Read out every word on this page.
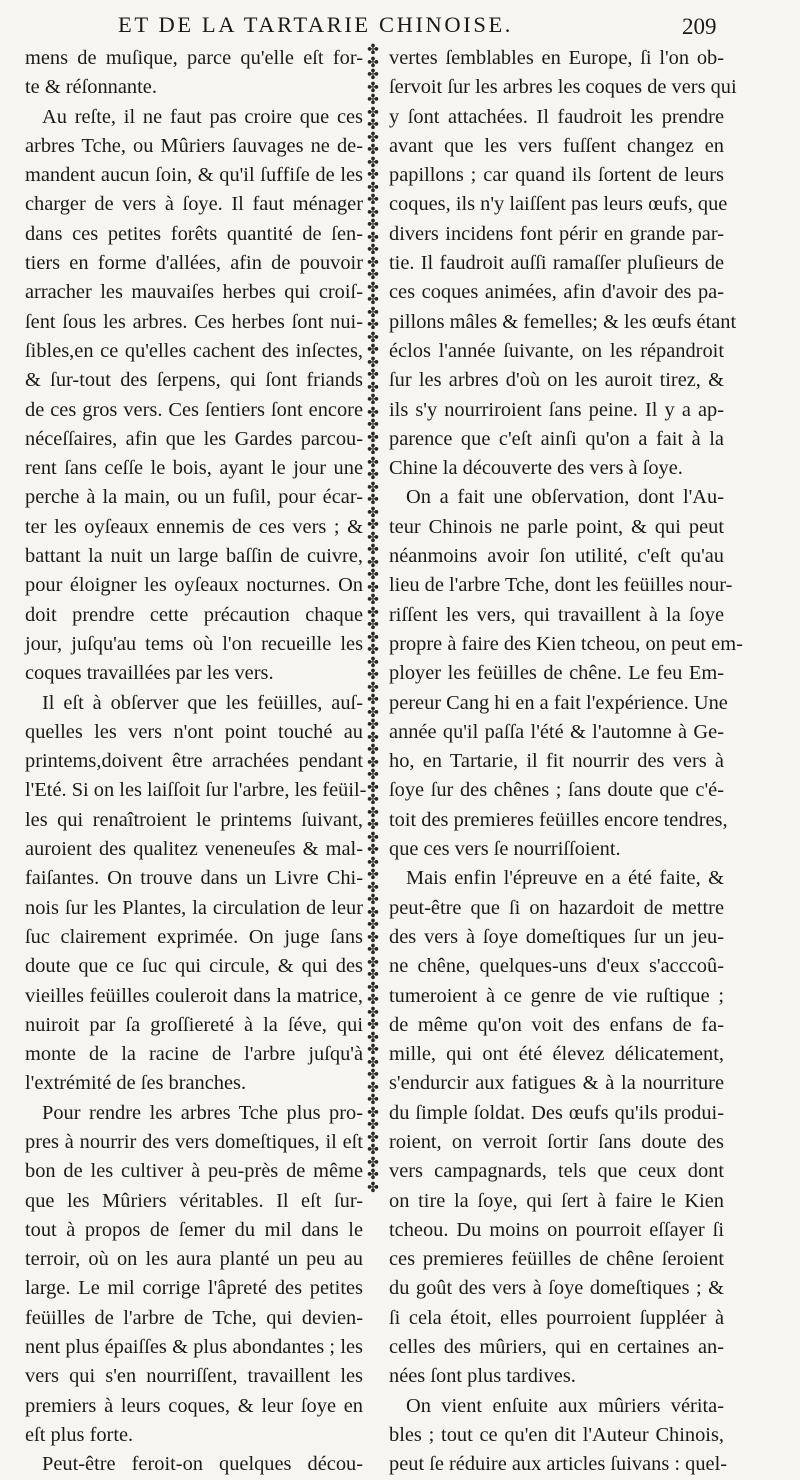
ET DE LA TARTARIE CHINOISE.	209
mens de muſique, parce qu'elle eſt for-
te & réſonnante.
Au reſte, il ne faut pas croire que ces
arbres Tche, ou Mûriers ſauvages ne de-
mandent aucun ſoin, & qu'il ſuffiſe de les
charger de vers à ſoye. Il faut ménager
dans ces petites forêts quantité de ſen-
tiers en forme d'allées, afin de pouvoir
arracher les mauvaiſes herbes qui croiſ-
ſent ſous les arbres. Ces herbes ſont nui-
ſibles,en ce qu'elles cachent des inſectes,
& ſur-tout des ſerpens, qui ſont friands
de ces gros vers. Ces ſentiers ſont encore
néceſſaires, afin que les Gardes parcou-
rent ſans ceſſe le bois, ayant le jour une
perche à la main, ou un fuſil, pour écar-
ter les oyſeaux ennemis de ces vers ; &
battant la nuit un large baſſin de cuivre,
pour éloigner les oyſeaux nocturnes. On
doit prendre cette précaution chaque
jour, juſqu'au tems où l'on recueille les
coques travaillées par les vers.
Il eſt à obſerver que les feüilles, auſ-
quelles les vers n'ont point touché au
printems,doivent être arrachées pendant
l'Eté. Si on les laiſſoit ſur l'arbre, les feüil-
les qui renaîtroient le printems ſuivant,
auroient des qualitez veneneuſes & mal-
faiſantes. On trouve dans un Livre Chi-
nois ſur les Plantes, la circulation de leur
ſuc clairement exprimée. On juge ſans
doute que ce ſuc qui circule, & qui des
vieilles feüilles couleroit dans la matrice,
nuiroit par ſa groſſiereté à la ſéve, qui
monte de la racine de l'arbre juſqu'à
l'extrémité de ſes branches.
Pour rendre les arbres Tche plus pro-
pres à nourrir des vers domeſtiques, il eſt
bon de les cultiver à peu-près de même
que les Mûriers véritables. Il eſt ſur-
tout à propos de ſemer du mil dans le
terroir, où on les aura planté un peu au
large. Le mil corrige l'âpreté des petites
feüilles de l'arbre de Tche, qui devien-
nent plus épaiſſes & plus abondantes ; les
vers qui s'en nourriſſent, travaillent les
premiers à leurs coques, & leur ſoye en
eſt plus forte.
Peut-être feroit-on quelques décou-
✤
✤
✤
✤
✤
✤
✤
✤
✤
✤
✤
✤
✤
✤
✤
✤
✤
✤
✤
✤
✤
✤
✤
✤
✤
✤
✤
✤
✤
✤
✤
✤
✤
✤
✤
✤
✤
✤
✤
✤
✤
✤
✤
✤
✤
✤
✤
✤
✤
✤
✤
✤
✤
✤
✤
✤
✤
✤
✤
✤
✤
✤
✤
✤
✤
✤
✤
✤
✤
✤
✤
✤
✤
✤
✤
✤
✤
✤
✤
✤
✤
✤
✤
✤
✤
✤
✤
✤
✤
✤
✤
✤
vertes ſemblables en Europe, ſi l'on ob-
ſervoit ſur les arbres les coques de vers qui
y ſont attachées. Il faudroit les prendre
avant que les vers fuſſent changez en
papillons ; car quand ils ſortent de leurs
coques, ils n'y laiſſent pas leurs œufs, que
divers incidens font périr en grande par-
tie. Il faudroit auſſi ramaſſer pluſieurs de
ces coques animées, afin d'avoir des pa-
pillons mâles & femelles; & les œufs étant
éclos l'année ſuivante, on les répandroit
ſur les arbres d'où on les auroit tirez, &
ils s'y nourriroient ſans peine. Il y a ap-
parence que c'eſt ainſi qu'on a fait à la
Chine la découverte des vers à ſoye.
On a fait une obſervation, dont l'Au-
teur Chinois ne parle point, & qui peut
néanmoins avoir ſon utilité, c'eſt qu'au
lieu de l'arbre Tche, dont les feüilles nour-
riſſent les vers, qui travaillent à la ſoye
propre à faire des Kien tcheou, on peut em-
ployer les feüilles de chêne. Le feu Em-
pereur Cang hi en a fait l'expérience. Une
année qu'il paſſa l'été & l'automne à Ge-
ho, en Tartarie, il fit nourrir des vers à
ſoye ſur des chênes ; ſans doute que c'é-
toit des premieres feüilles encore tendres,
que ces vers ſe nourriſſoient.
Mais enfin l'épreuve en a été faite, &
peut-être que ſi on hazardoit de mettre
des vers à ſoye domeſtiques ſur un jeu-
ne chêne, quelques-uns d'eux s'acccoû-
tumeroient à ce genre de vie ruſtique ;
de même qu'on voit des enfans de fa-
mille, qui ont été élevez délicatement,
s'endurcir aux fatigues & à la nourriture
du ſimple ſoldat. Des œufs qu'ils produi-
roient, on verroit ſortir ſans doute des
vers campagnards, tels que ceux dont
on tire la ſoye, qui ſert à faire le Kien
tcheou. Du moins on pourroit eſſayer ſi
ces premieres feüilles de chêne ſeroient
du goût des vers à ſoye domeſtiques ; &
ſi cela étoit, elles pourroient ſuppléer à
celles des mûriers, qui en certaines an-
nées ſont plus tardives.
On vient enſuite aux mûriers vérita-
bles ; tout ce qu'en dit l'Auteur Chinois,
peut ſe réduire aux articles ſuivans : quel-
